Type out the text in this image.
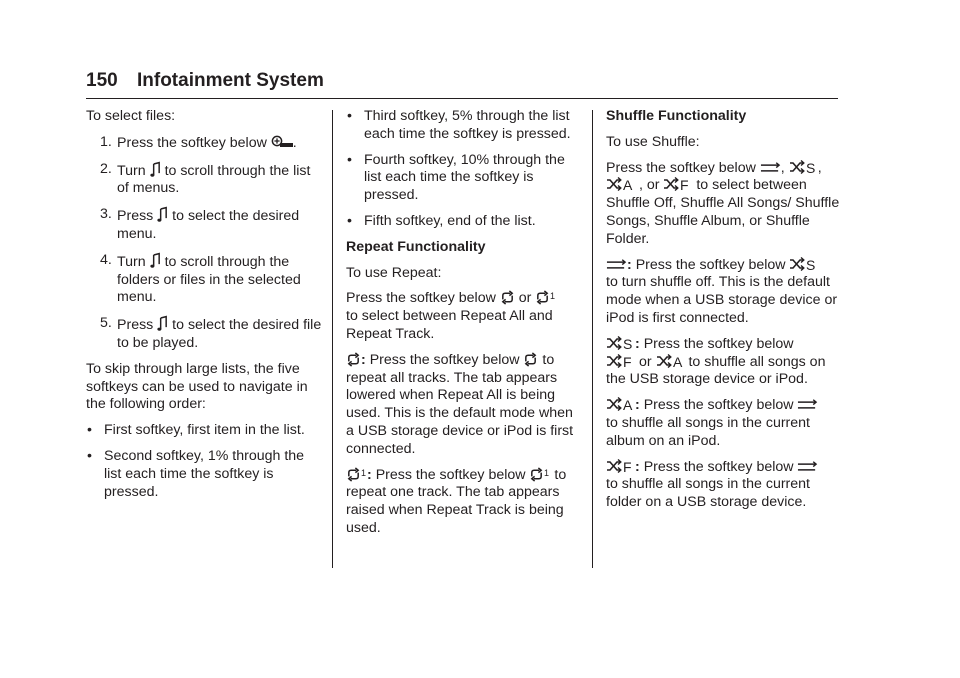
150 Infotainment System

To select files:

1. Press the softkey below .
2. Turn to scroll through the list of menus.
3. Press to select the desired menu.
4. Turn to scroll through the folders or files in the selected menu.
5. Press to select the desired file to be played.

To skip through large lists, the five softkeys can be used to navigate in the following order:

• First softkey, first item in the list.
• Second softkey, 1% through the list each time the softkey is pressed.
• Third softkey, 5% through the list each time the softkey is pressed.
• Fourth softkey, 10% through the list each time the softkey is pressed.
• Fifth softkey, end of the list.

Repeat Functionality

To use Repeat:

Press the softkey below or 1

to select between Repeat All and Repeat Track.

: Press the softkey below to repeat all tracks. The tab appears lowered when Repeat All is being used. This is the default mode when a USB storage device or iPod is first connected.

1 : Press the softkey below 1 to repeat one track. The tab appears raised when Repeat Track is being used.

Shuffle Functionality

To use Shuffle:

Press the softkey below , S ,

A , or F to select between Shuffle Off, Shuffle All Songs/ Shuffle Songs, Shuffle Album, or Shuffle Folder.

: Press the softkey below S

to turn shuffle off. This is the default mode when a USB storage device or iPod is first connected.

S : Press the softkey below

F or A to shuffle all songs on the USB storage device or iPod.

A : Press the softkey below

to shuffle all songs in the current album on an iPod.

F : Press the softkey below

to shuffle all songs in the current folder on a USB storage device.
